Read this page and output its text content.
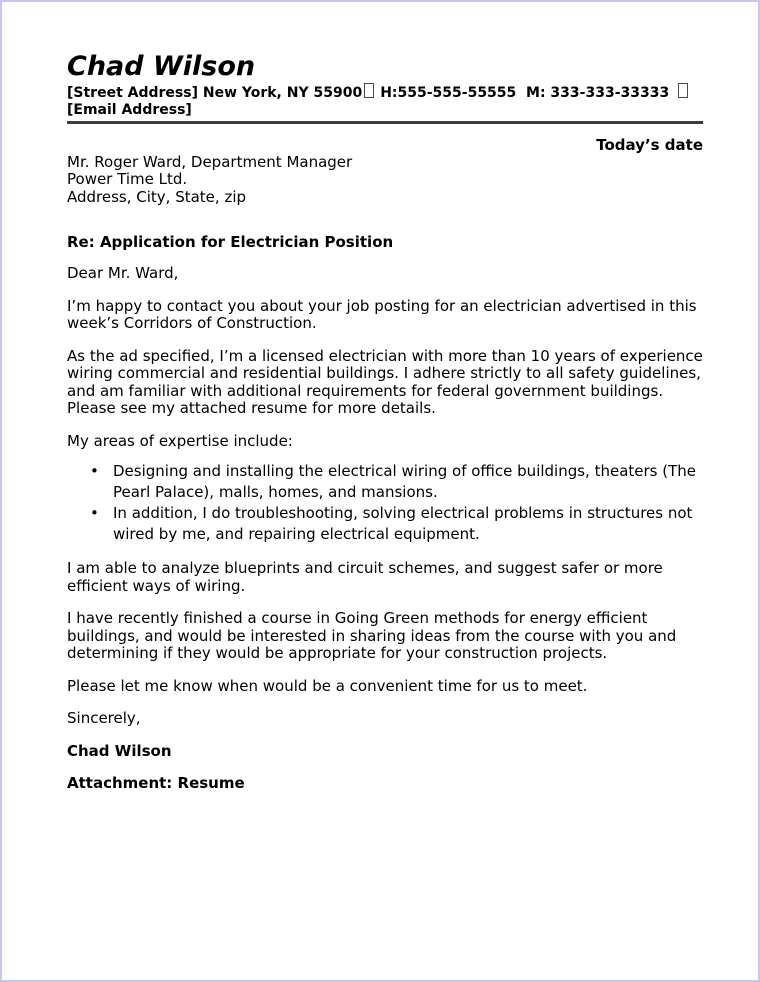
Chad Wilson

[Street Address] New York, NY 55900 H:555-555-55555  M: 333-333-33333 [Email Address]

Today’s date

Mr. Roger Ward, Department Manager
Power Time Ltd.
Address, City, State, zip

Re: Application for Electrician Position

Dear Mr. Ward,

I’m happy to contact you about your job posting for an electrician advertised in this week’s Corridors of Construction.

As the ad specified, I’m a licensed electrician with more than 10 years of experience wiring commercial and residential buildings. I adhere strictly to all safety guidelines, and am familiar with additional requirements for federal government buildings. Please see my attached resume for more details.

My areas of expertise include:

• Designing and installing the electrical wiring of office buildings, theaters (The Pearl Palace), malls, homes, and mansions.
• In addition, I do troubleshooting, solving electrical problems in structures not wired by me, and repairing electrical equipment.

I am able to analyze blueprints and circuit schemes, and suggest safer or more efficient ways of wiring.

I have recently finished a course in Going Green methods for energy efficient buildings, and would be interested in sharing ideas from the course with you and determining if they would be appropriate for your construction projects.

Please let me know when would be a convenient time for us to meet.

Sincerely,

Chad Wilson

Attachment: Resume
